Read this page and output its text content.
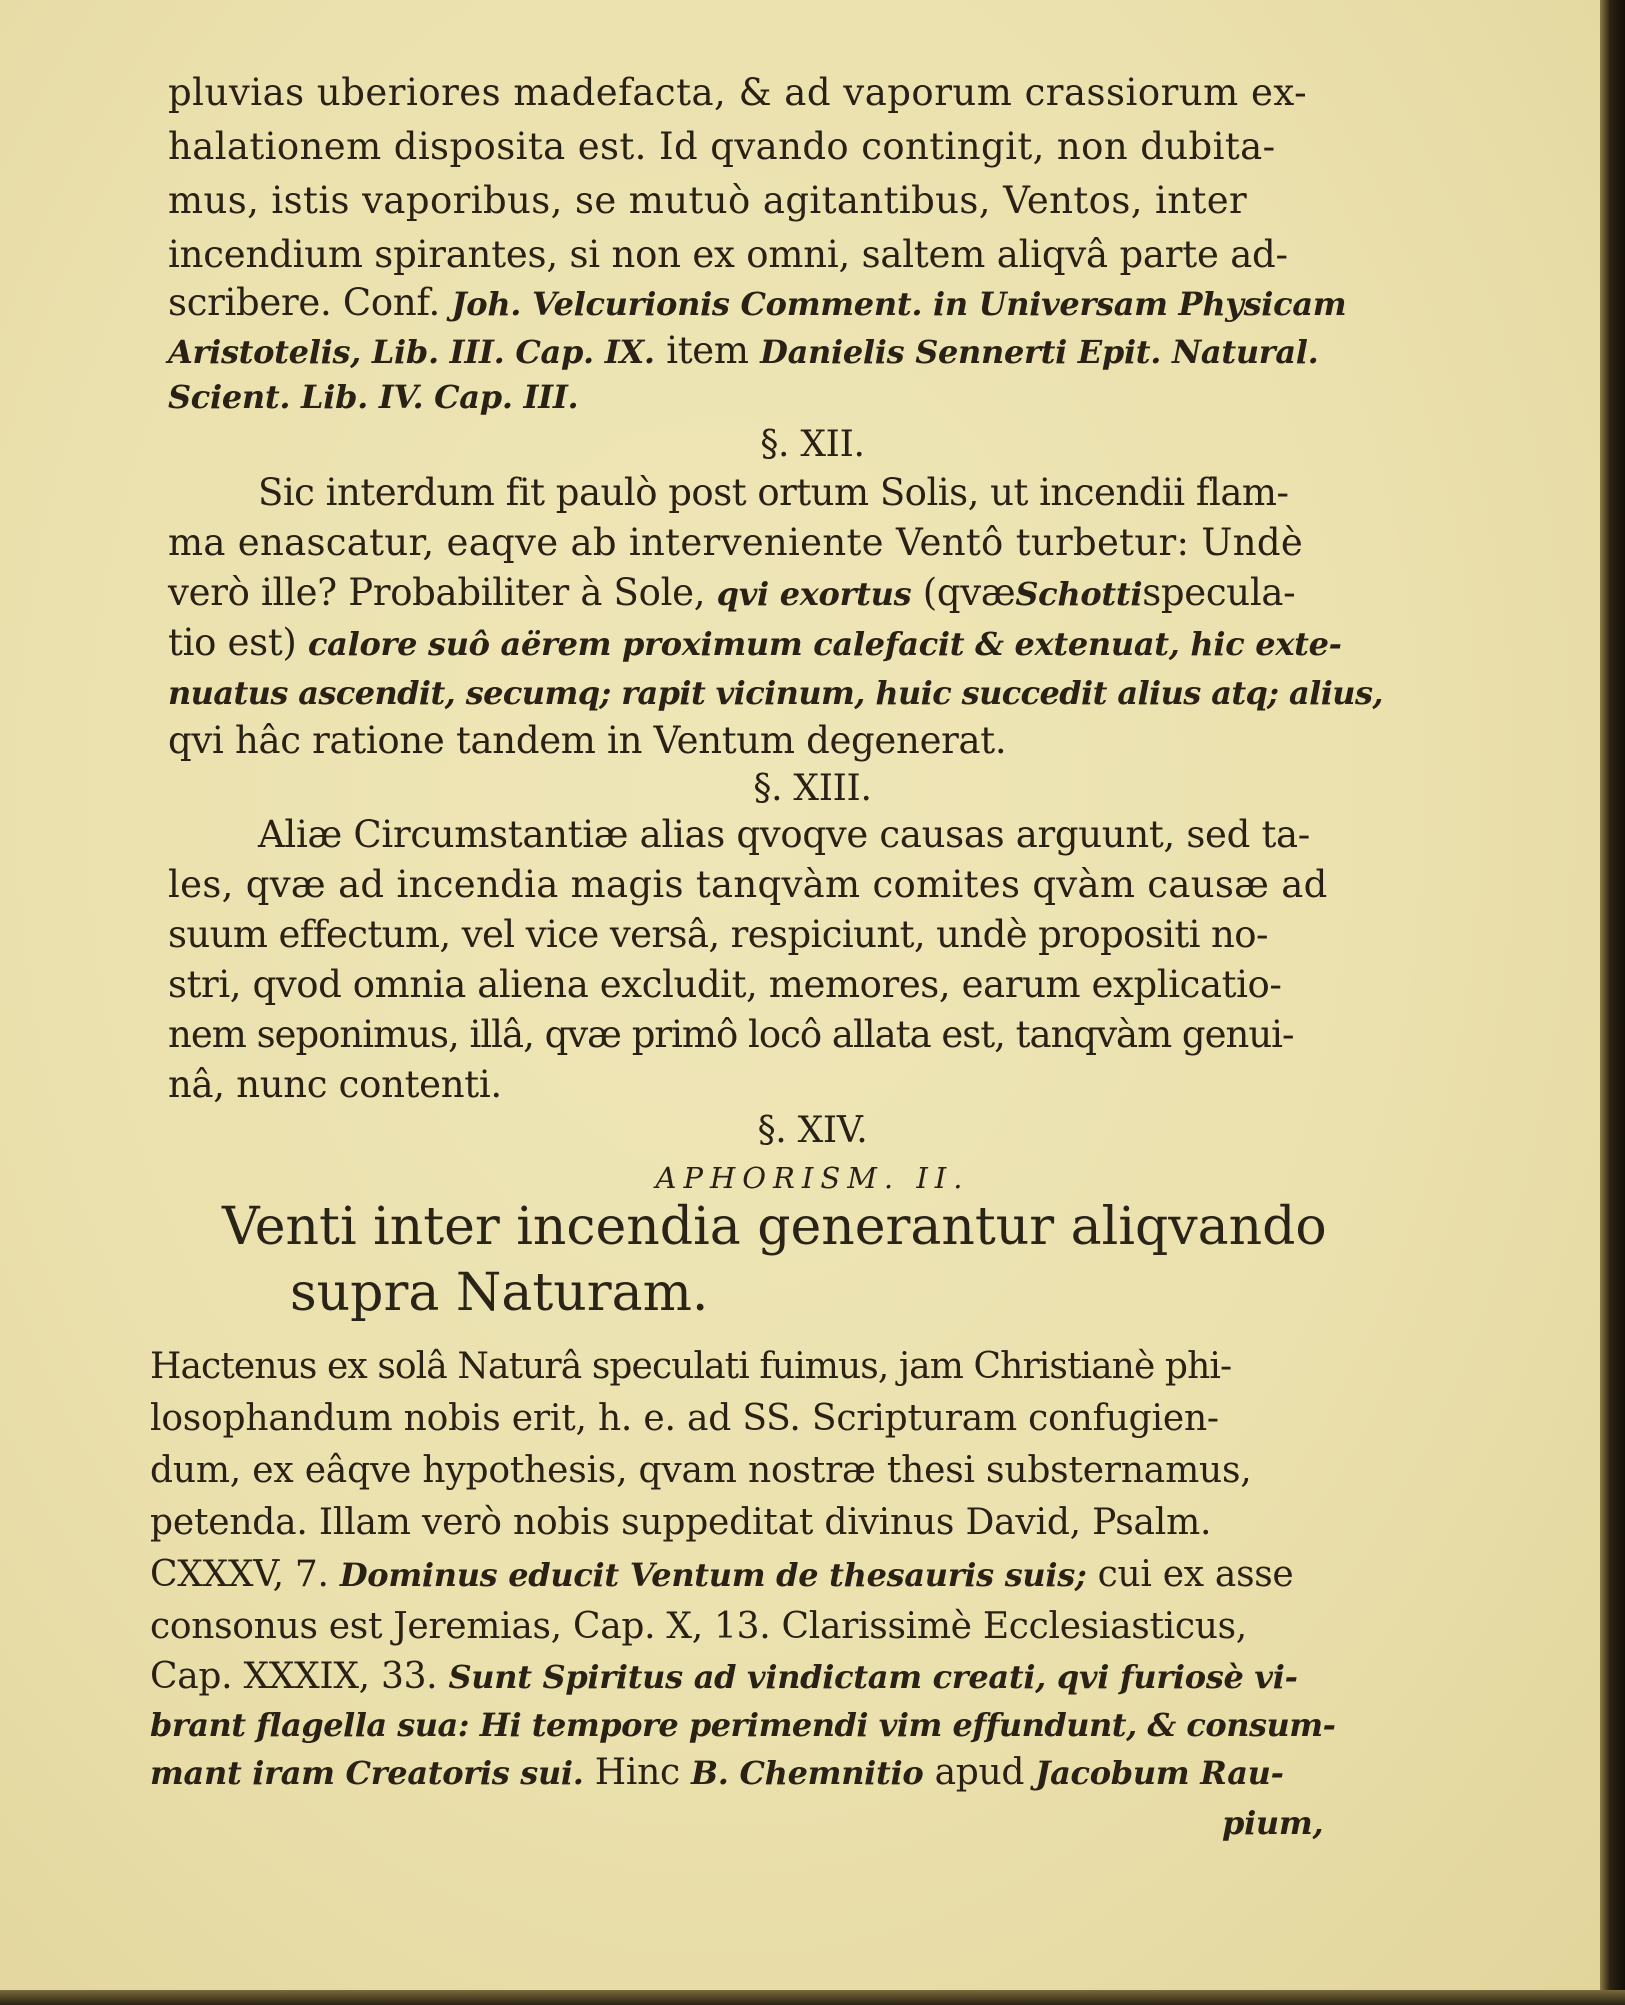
pluvias uberiores madefacta, & ad vaporum crassiorum ex-

halationem dispositа est. Id qvando contingit, non dubita-

mus, istis vaporibus, se mutuò agitantibus, Ventos, inter

incendium spirantes, si non ex omni, saltem aliqvâ parte ad-

scribere. Conf. Joh. Velcurionis Comment. in Universam Physicam

Aristotelis, Lib. III. Cap. IX. item Danielis Sennerti Epit. Natural.

Scient. Lib. IV. Cap. III.

§. XII.

Sic interdum fit paulò post ortum Solis, ut incendii flam-

ma enascatur, eaqve ab interveniente Ventô turbetur: Undè

verò ille? Probabiliter à Sole, qvi exortus (qvæSchottispecula-

tio est) calore suô aërem proximum calefacit & extenuat, hic exte-

nuatus ascendit, secumq; rapit vicinum, huic succedit alius atq; alius,

qvi hâc ratione tandem in Ventum degenerat.

§. XIII.

Aliæ Circumstantiæ alias qvoqve causas arguunt, sed ta-

les, qvæ ad incendia magis tanqvàm comites qvàm causæ ad

suum effectum, vel vice versâ, respiciunt, undè propositi no-

stri, qvod omnia aliena excludit, memores, earum explicatio-

nem seponimus, illâ, qvæ primô locô allata est, tanqvàm genui-

nâ, nunc contenti.

§. XIV.

APHORISM. II.

Venti inter incendia generantur aliqvando

supra Naturam.

Hactenus ex solâ Naturâ speculati fuimus, jam Christianè phi-

losophandum nobis erit, h. e. ad SS. Scripturam confugien-

dum, ex eâqve hypothesis, qvam nostræ thesi substernamus,

petenda. Illam verò nobis suppeditat divinus David, Psalm.

CXXXV, 7. Dominus educit Ventum de thesauris suis; cui ex asse

consonus est Jeremias, Cap. X, 13. Clarissimè Ecclesiasticus,

Cap. XXXIX, 33. Sunt Spiritus ad vindictam creati, qvi furiosè vi-

brant flagella sua: Hi tempore perimendi vim effundunt, & consum-

mant iram Creatoris sui. Hinc B. Chemnitio apud Jacobum Rau-

pium,
